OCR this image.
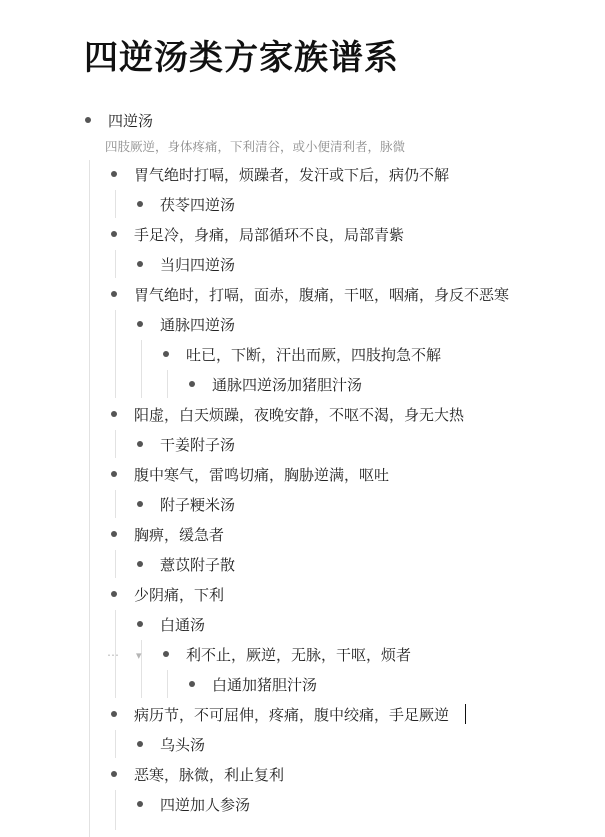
四逆汤类方家族谱系
四逆汤
四肢厥逆，身体疼痛，下利清谷，或小便清利者，脉微
胃气绝时打嗝，烦躁者，发汗或下后，病仍不解
茯苓四逆汤
手足冷，身痛，局部循环不良，局部青紫
当归四逆汤
胃气绝时，打嗝，面赤，腹痛，干呕，咽痛，身反不恶寒
通脉四逆汤
吐已，下断，汗出而厥，四肢拘急不解
通脉四逆汤加猪胆汁汤
阳虚，白天烦躁，夜晚安静，不呕不渴，身无大热
干姜附子汤
腹中寒气，雷鸣切痛，胸胁逆满，呕吐
附子粳米汤
胸痹，缓急者
薏苡附子散
少阴痛，下利
白通汤
⋯ ▾	利不止，厥逆，无脉，干呕，烦者
白通加猪胆汁汤
病历节，不可屈伸，疼痛，腹中绞痛，手足厥逆
乌头汤
恶寒，脉微，利止复利
四逆加人参汤
